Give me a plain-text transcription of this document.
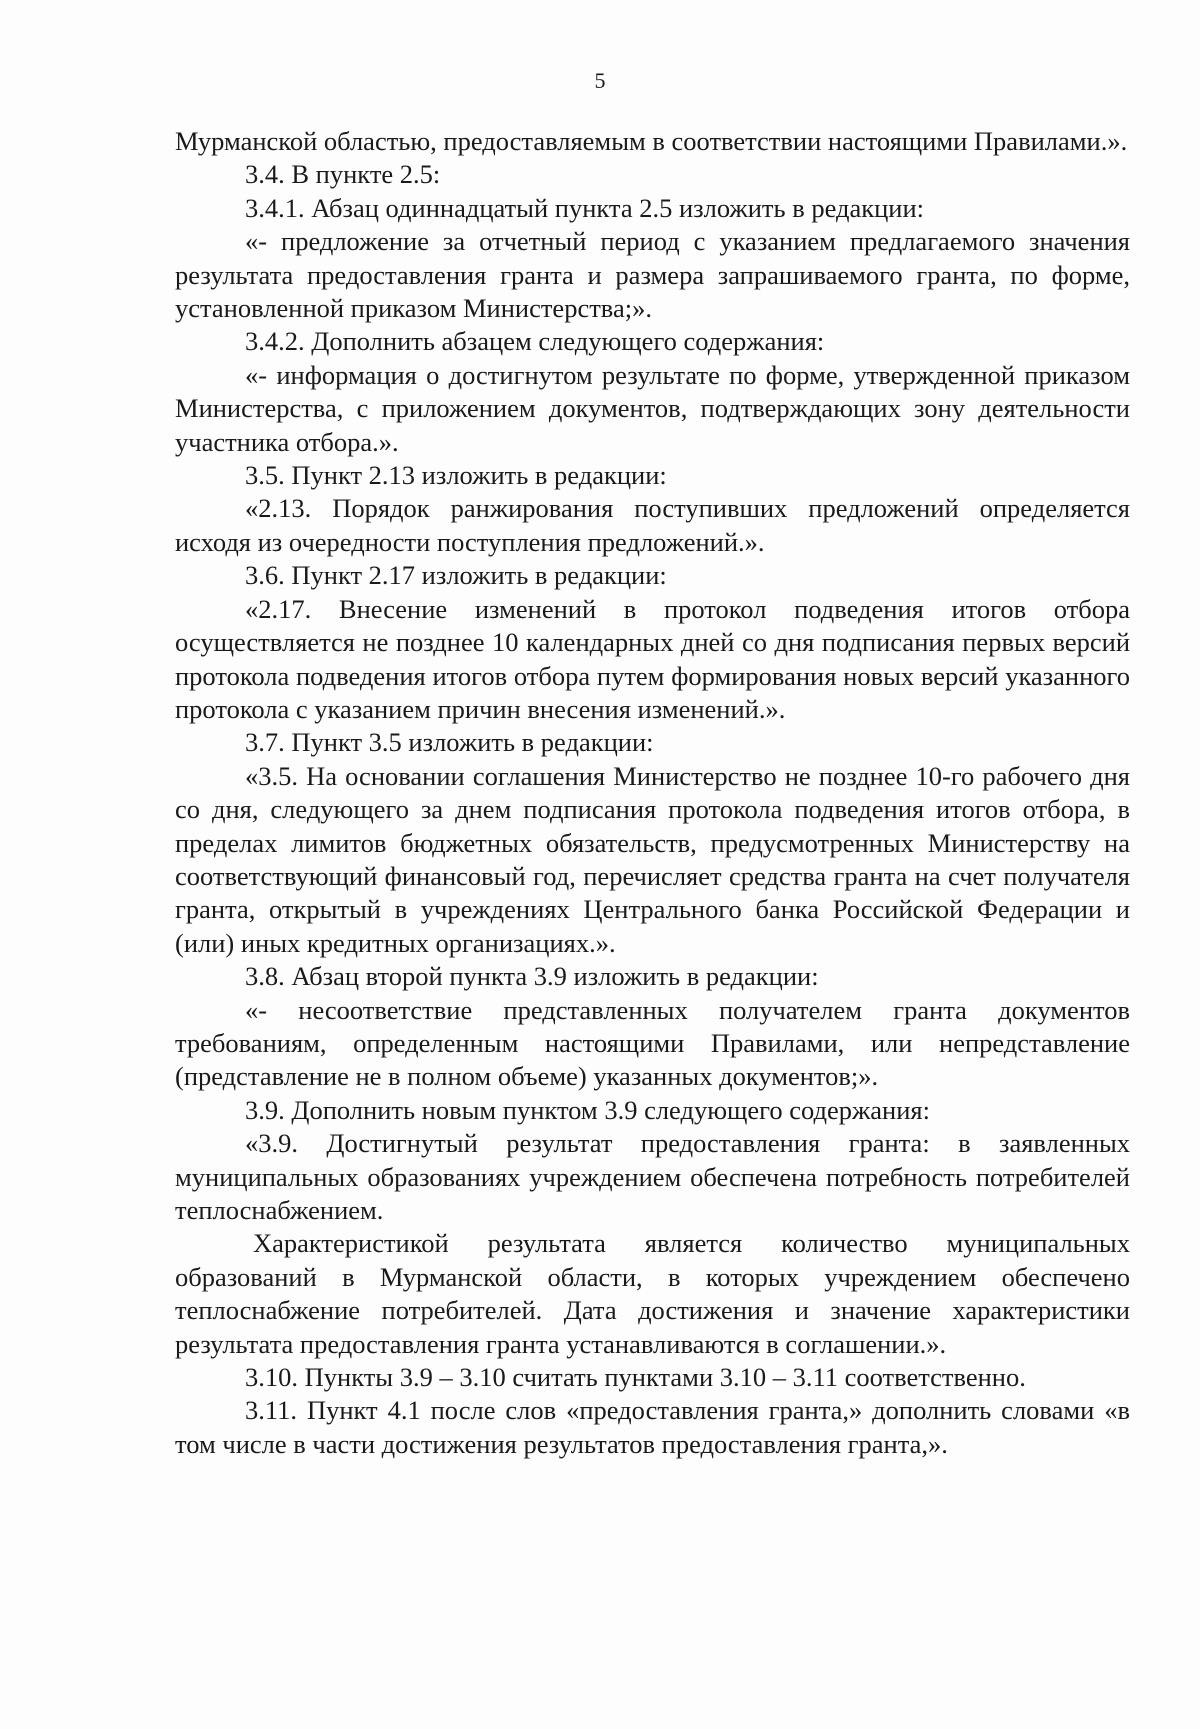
5

Мурманской областью, предоставляемым в соответствии настоящими Правилами.».

3.4. В пункте 2.5:

3.4.1. Абзац одиннадцатый пункта 2.5 изложить в редакции:

«- предложение за отчетный период с указанием предлагаемого значения результата предоставления гранта и размера запрашиваемого гранта, по форме, установленной приказом Министерства;».

3.4.2. Дополнить абзацем следующего содержания:

«- информация о достигнутом результате по форме, утвержденной приказом Министерства, с приложением документов, подтверждающих зону деятельности участника отбора.».

3.5. Пункт 2.13 изложить в редакции:

«2.13. Порядок ранжирования поступивших предложений определяется исходя из очередности поступления предложений.».

3.6. Пункт 2.17 изложить в редакции:

«2.17. Внесение изменений в протокол подведения итогов отбора осуществляется не позднее 10 календарных дней со дня подписания первых версий протокола подведения итогов отбора путем формирования новых версий указанного протокола с указанием причин внесения изменений.».

3.7. Пункт 3.5 изложить в редакции:

«3.5. На основании соглашения Министерство не позднее 10-го рабочего дня со дня, следующего за днем подписания протокола подведения итогов отбора, в пределах лимитов бюджетных обязательств, предусмотренных Министерству на соответствующий финансовый год, перечисляет средства гранта на счет получателя гранта, открытый в учреждениях Центрального банка Российской Федерации и (или) иных кредитных организациях.».

3.8. Абзац второй пункта 3.9 изложить в редакции:

«- несоответствие представленных получателем гранта документов требованиям, определенным настоящими Правилами, или непредставление (представление не в полном объеме) указанных документов;».

3.9. Дополнить новым пунктом 3.9 следующего содержания:

«3.9. Достигнутый результат предоставления гранта: в заявленных муниципальных образованиях учреждением обеспечена потребность потребителей теплоснабжением.

Характеристикой результата является количество муниципальных образований в Мурманской области, в которых учреждением обеспечено теплоснабжение потребителей. Дата достижения и значение характеристики результата предоставления гранта устанавливаются в соглашении.».

3.10. Пункты 3.9 – 3.10 считать пунктами 3.10 – 3.11 соответственно.

3.11. Пункт 4.1 после слов «предоставления гранта,» дополнить словами «в том числе в части достижения результатов предоставления гранта,».
